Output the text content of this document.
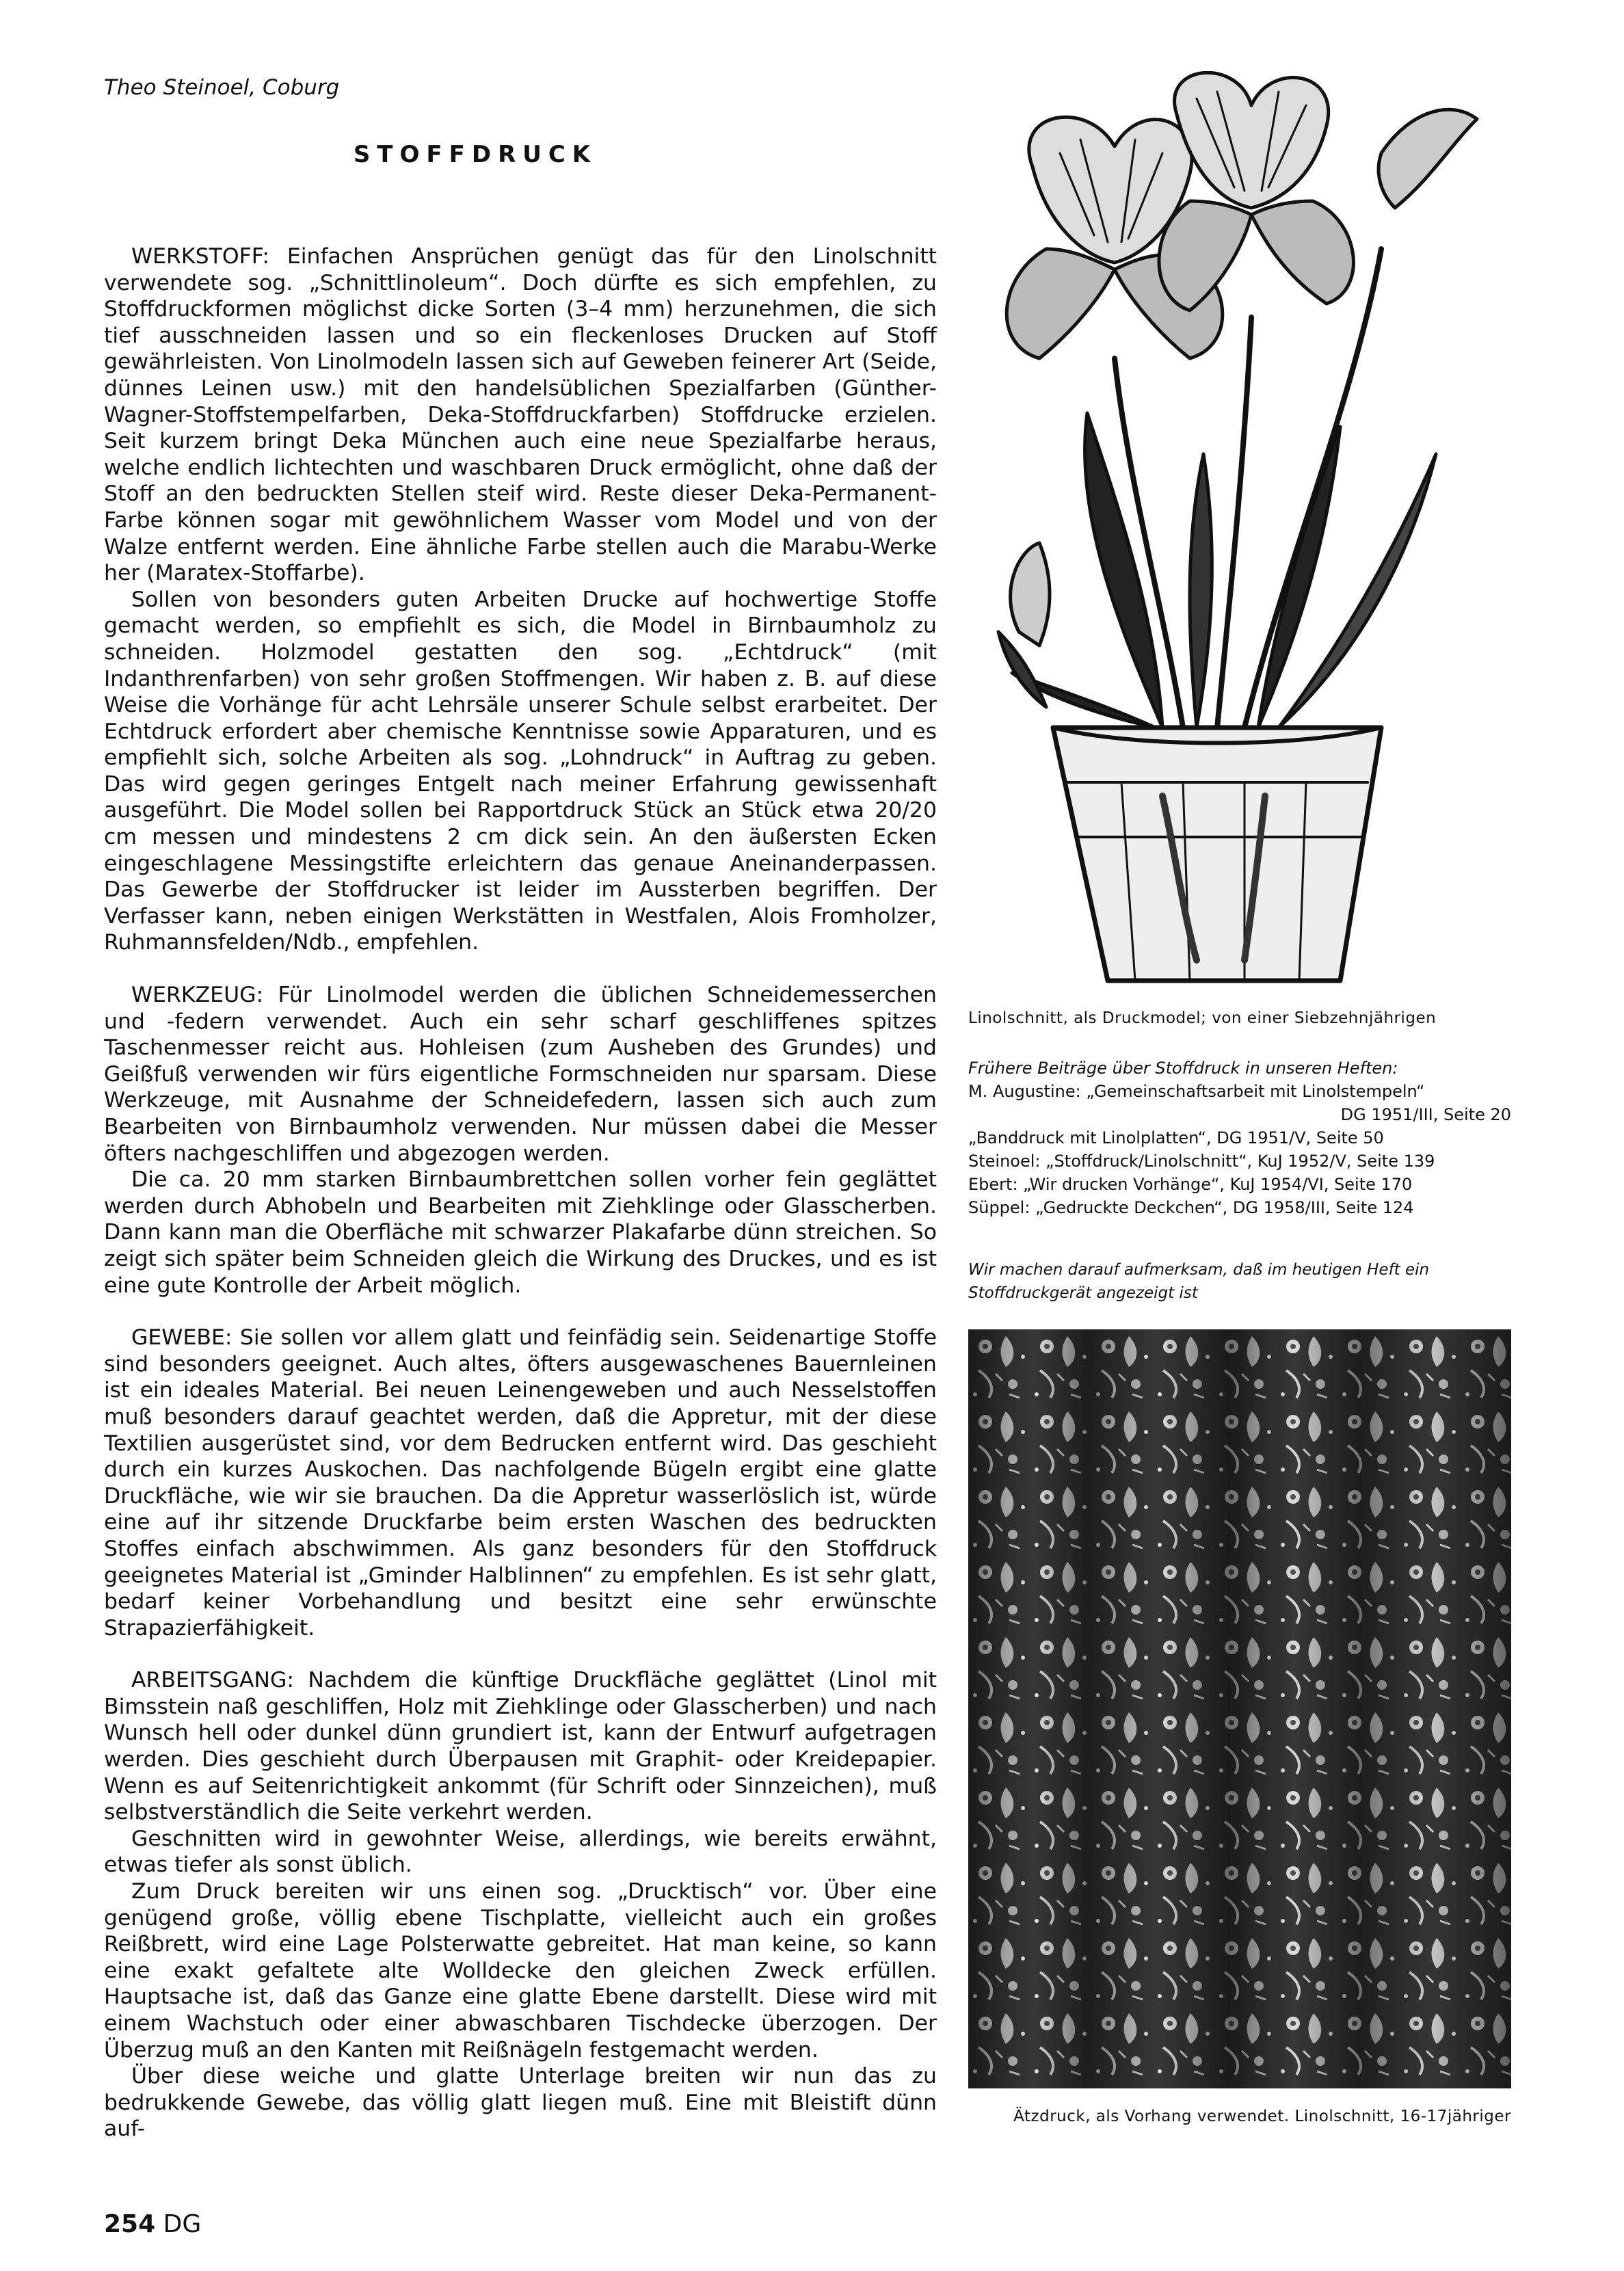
Theo Steinoel, Coburg
STOFFDRUCK

WERKSTOFF: Einfachen Ansprüchen genügt das für den Linolschnitt verwendete sog. „Schnittlinoleum“. Doch dürfte es sich empfehlen, zu Stoffdruckformen möglichst dicke Sorten (3–4 mm) herzunehmen, die sich tief ausschneiden lassen und so ein fleckenloses Drucken auf Stoff gewährleisten. Von Linolmodeln lassen sich auf Geweben feinerer Art (Seide, dünnes Leinen usw.) mit den handelsüblichen Spezialfarben (Günther-Wagner-Stoffstempelfarben, Deka-Stoffdruckfarben) Stoffdrucke erzielen. Seit kurzem bringt Deka München auch eine neue Spezialfarbe heraus, welche endlich lichtechten und waschbaren Druck ermöglicht, ohne daß der Stoff an den bedruckten Stellen steif wird. Reste dieser Deka-Permanent-Farbe können sogar mit gewöhnlichem Wasser vom Model und von der Walze entfernt werden. Eine ähnliche Farbe stellen auch die Marabu-Werke her (Maratex-Stoffarbe).

Sollen von besonders guten Arbeiten Drucke auf hochwertige Stoffe gemacht werden, so empfiehlt es sich, die Model in Birnbaumholz zu schneiden. Holzmodel gestatten den sog. „Echtdruck“ (mit Indanthrenfarben) von sehr großen Stoffmengen. Wir haben z. B. auf diese Weise die Vorhänge für acht Lehrsäle unserer Schule selbst erarbeitet. Der Echtdruck erfordert aber chemische Kenntnisse sowie Apparaturen, und es empfiehlt sich, solche Arbeiten als sog. „Lohndruck“ in Auftrag zu geben. Das wird gegen geringes Entgelt nach meiner Erfahrung gewissenhaft ausgeführt. Die Model sollen bei Rapportdruck Stück an Stück etwa 20/20 cm messen und mindestens 2 cm dick sein. An den äußersten Ecken eingeschlagene Messingstifte erleichtern das genaue Aneinanderpassen. Das Gewerbe der Stoffdrucker ist leider im Aussterben begriffen. Der Verfasser kann, neben einigen Werkstätten in Westfalen, Alois Fromholzer, Ruhmannsfelden/Ndb., empfehlen.

WERKZEUG: Für Linolmodel werden die üblichen Schneidemesserchen und -federn verwendet. Auch ein sehr scharf geschliffenes spitzes Taschenmesser reicht aus. Hohleisen (zum Ausheben des Grundes) und Geißfuß verwenden wir fürs eigentliche Formschneiden nur sparsam. Diese Werkzeuge, mit Ausnahme der Schneidefedern, lassen sich auch zum Bearbeiten von Birnbaumholz verwenden. Nur müssen dabei die Messer öfters nachgeschliffen und abgezogen werden.

Die ca. 20 mm starken Birnbaumbrettchen sollen vorher fein geglättet werden durch Abhobeln und Bearbeiten mit Ziehklinge oder Glasscherben. Dann kann man die Oberfläche mit schwarzer Plakafarbe dünn streichen. So zeigt sich später beim Schneiden gleich die Wirkung des Druckes, und es ist eine gute Kontrolle der Arbeit möglich.

GEWEBE: Sie sollen vor allem glatt und feinfädig sein. Seidenartige Stoffe sind besonders geeignet. Auch altes, öfters ausgewaschenes Bauernleinen ist ein ideales Material. Bei neuen Leinengeweben und auch Nesselstoffen muß besonders darauf geachtet werden, daß die Appretur, mit der diese Textilien ausgerüstet sind, vor dem Bedrucken entfernt wird. Das geschieht durch ein kurzes Auskochen. Das nachfolgende Bügeln ergibt eine glatte Druckfläche, wie wir sie brauchen. Da die Appretur wasserlöslich ist, würde eine auf ihr sitzende Druckfarbe beim ersten Waschen des bedruckten Stoffes einfach abschwimmen. Als ganz besonders für den Stoffdruck geeignetes Material ist „Gminder Halblinnen“ zu empfehlen. Es ist sehr glatt, bedarf keiner Vorbehandlung und besitzt eine sehr erwünschte Strapazierfähigkeit.

ARBEITSGANG: Nachdem die künftige Druckfläche geglättet (Linol mit Bimsstein naß geschliffen, Holz mit Ziehklinge oder Glasscherben) und nach Wunsch hell oder dunkel dünn grundiert ist, kann der Entwurf aufgetragen werden. Dies geschieht durch Überpausen mit Graphit- oder Kreidepapier. Wenn es auf Seitenrichtigkeit ankommt (für Schrift oder Sinnzeichen), muß selbstverständlich die Seite verkehrt werden.

Geschnitten wird in gewohnter Weise, allerdings, wie bereits erwähnt, etwas tiefer als sonst üblich.

Zum Druck bereiten wir uns einen sog. „Drucktisch“ vor. Über eine genügend große, völlig ebene Tischplatte, vielleicht auch ein großes Reißbrett, wird eine Lage Polsterwatte gebreitet. Hat man keine, so kann eine exakt gefaltete alte Wolldecke den gleichen Zweck erfüllen. Hauptsache ist, daß das Ganze eine glatte Ebene darstellt. Diese wird mit einem Wachstuch oder einer abwaschbaren Tischdecke überzogen. Der Überzug muß an den Kanten mit Reißnägeln festgemacht werden.

Über diese weiche und glatte Unterlage breiten wir nun das zu bedrukkende Gewebe, das völlig glatt liegen muß. Eine mit Bleistift dünn auf-

Linolschnitt, als Druckmodel; von einer Siebzehnjährigen
Frühere Beiträge über Stoffdruck in unseren Heften:
M. Augustine: „Gemeinschaftsarbeit mit Linolstempeln“
DG 1951/III, Seite 20
„Banddruck mit Linolplatten“, DG 1951/V, Seite 50
Steinoel: „Stoffdruck/Linolschnitt“, KuJ 1952/V, Seite 139
Ebert: „Wir drucken Vorhänge“, KuJ 1954/VI, Seite 170
Süppel: „Gedruckte Deckchen“, DG 1958/III, Seite 124
Wir machen darauf aufmerksam, daß im heutigen Heft ein Stoffdruckgerät angezeigt ist
Ätzdruck, als Vorhang verwendet. Linolschnitt, 16-17jähriger
254 DG
